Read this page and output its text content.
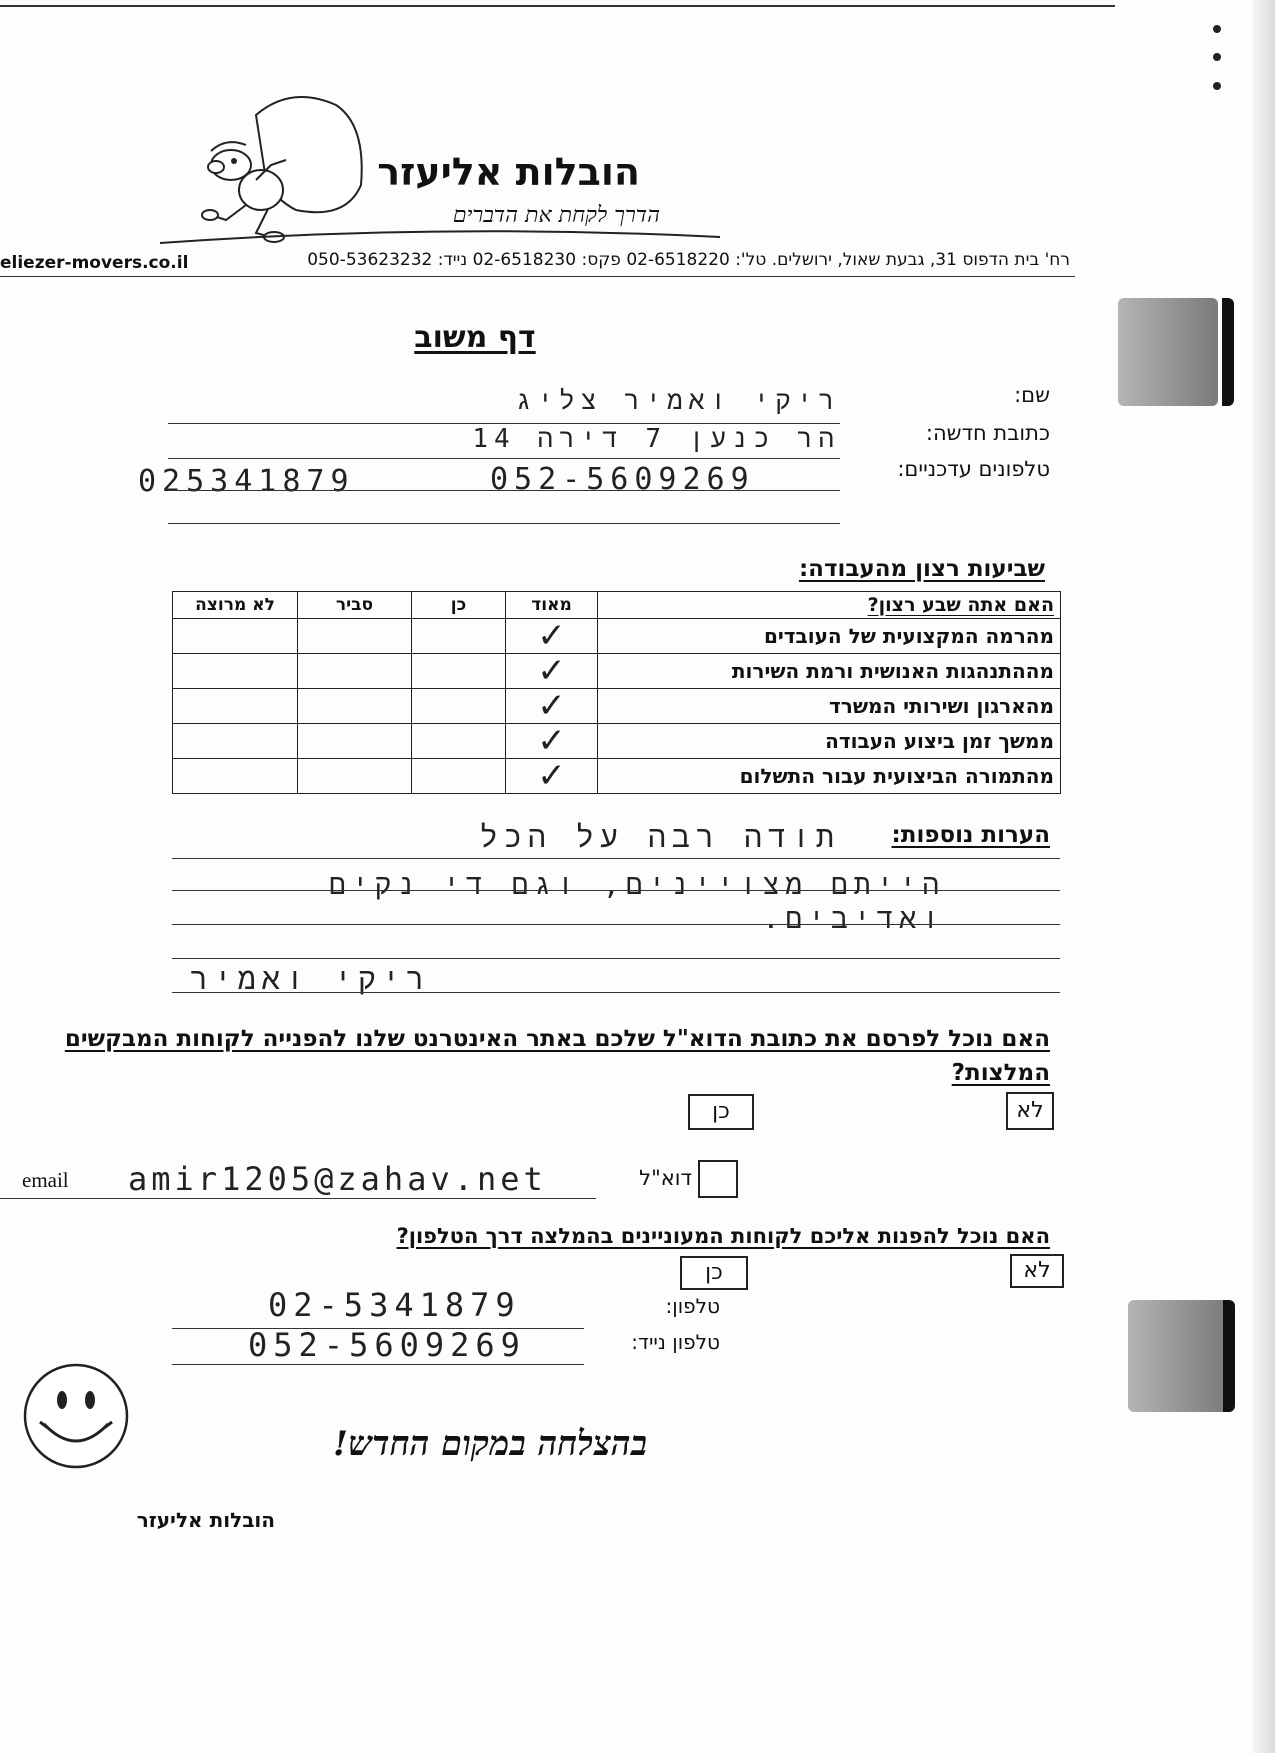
הובלות אליעזר
הדרך לקחת את הדברים
רח' בית הדפוס 31, גבעת שאול, ירושלים. טל': 02-6518220 פקס: 02-6518230 נייד: 050-53623232
eliezer-movers.co.il
דף משוב
שם:
ריקי ואמיר צליג
כתובת חדשה:
הר כנען 7 דירה 14
טלפונים עדכניים:
025341879	052-5609269
שביעות רצון מהעבודה:
האם אתה שבע רצון?	מאוד	כן	סביר	לא מרוצה
מהרמה המקצועית של העובדים	✓			
מההתנהגות האנושית ורמת השירות	✓			
מהארגון ושירותי המשרד	✓			
ממשך זמן ביצוע העבודה	✓			
מהתמורה הביצועית עבור התשלום	✓			
הערות נוספות:
תודה רבה על הכל
הייתם מצויינים, וגם די נקים
ואדיבים.
ריקי ואמיר
האם נוכל לפרסם את כתובת הדוא"ל שלכם באתר האינטרנט שלנו להפנייה לקוחות המבקשים המלצות?
כן	לא
דוא"ל
email amir1205@zahav.net
האם נוכל להפנות אליכם לקוחות המעוניינים בהמלצה דרך הטלפון?
כן	לא
טלפון:
02-5341879
טלפון נייד:
052-5609269
בהצלחה במקום החדש!
הובלות אליעזר
